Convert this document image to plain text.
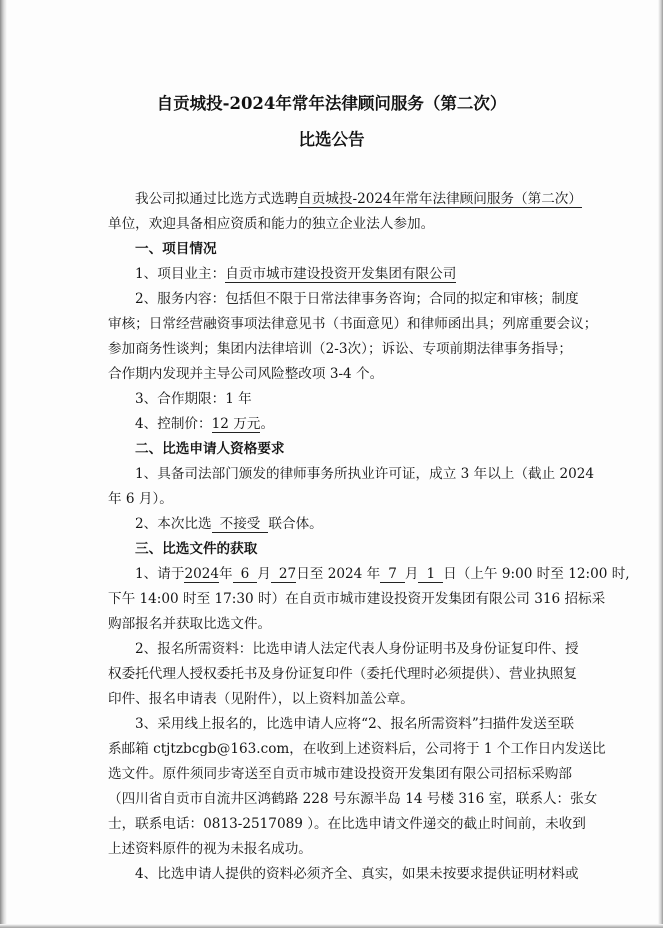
自贡城投-2024年常年法律顾问服务（第二次）
比选公告
我公司拟通过比选方式选聘自贡城投-2024年常年法律顾问服务（第二次）
单位，欢迎具备相应资质和能力的独立企业法人参加。
一、项目情况
1、项目业主：自贡市城市建设投资开发集团有限公司
2、服务内容：包括但不限于日常法律事务咨询；合同的拟定和审核；制度
审核；日常经营融资事项法律意见书（书面意见）和律师函出具；列席重要会议；
参加商务性谈判；集团内法律培训（2-3次）；诉讼、专项前期法律事务指导；
合作期内发现并主导公司风险整改项 3-4 个。
3、合作期限：1 年
4、控制价：12 万元。
二、比选申请人资格要求
1、具备司法部门颁发的律师事务所执业许可证，成立 3 年以上（截止 2024
年 6 月）。
2、本次比选 不接受 联合体。
三、比选文件的获取
1、请于2024年 6 月 27日至 2024 年 7 月 1 日（上午 9:00 时至 12:00 时,
下午 14:00 时至 17:30 时）在自贡市城市建设投资开发集团有限公司 316 招标采
购部报名并获取比选文件。
2、报名所需资料：比选申请人法定代表人身份证明书及身份证复印件、授
权委托代理人授权委托书及身份证复印件（委托代理时必须提供）、营业执照复
印件、报名申请表（见附件），以上资料加盖公章。
3、采用线上报名的，比选申请人应将“2、报名所需资料”扫描件发送至联
系邮箱 ctjtzbcgb@163.com，在收到上述资料后，公司将于 1 个工作日内发送比
选文件。原件须同步寄送至自贡市城市建设投资开发集团有限公司招标采购部
（四川省自贡市自流井区鸿鹤路 228 号东源半岛 14 号楼 316 室，联系人：张女
士，联系电话：0813-2517089 ）。在比选申请文件递交的截止时间前，未收到
上述资料原件的视为未报名成功。
4、比选申请人提供的资料必须齐全、真实，如果未按要求提供证明材料或
